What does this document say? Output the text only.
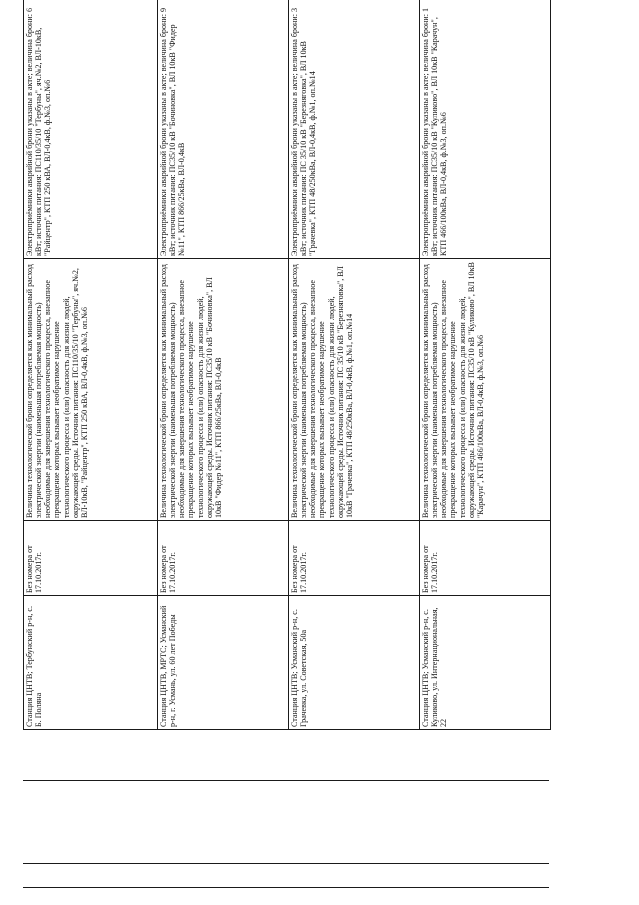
Станция ЦНТВ; Тербунский р-н, с. Б. Поляна	Без номера от 17.10.2017г.	Величина технологической брони определяется как минимальный расход электрической энергии (наименьшая потребляемая мощность) необходимые для завершения технологического процесса, внезапное прекращение которых вызывает необратимое нарушение технологического процесса и (или) опасность для жизни людей, окружающей среды. Источник питания: ПС110/35/10 "Тербуны", яч.№2, ВЛ-10кВ, "Райцентр", КТП 250 кВА, ВЛ-0,4кВ, ф.№3, оп.№6	Электроприёмники аварийной брони указаны в акте; величина брони: 6 кВт; источник питания: ПС110/35/10 "Тербуны", яч.№2, ВЛ-10кВ, "Райцентр", КТП 250 кВА, ВЛ-0,4кВ, ф.№3, оп.№6
Станция ЦНТВ, МРТС; Усманский р-н, г. Усмань, ул. 60 лет Победы	Без номера от 17.10.2017г.	Величина технологической брони определяется как минимальный расход электрической энергии (наименьшая потребляемая мощность) необходимые для завершения технологического процесса, внезапное прекращение которых вызывает необратимое нарушение технологического процесса и (или) опасность для жизни людей, окружающей среды. Источник питания: ПС35/10 кВ "Бочиновка", ВЛ 10кВ "Фидер №11", КТП 866/25кВа, ВЛ-0,4кВ	Электроприёмники аварийной брони указаны в акте; величина брони: 9 кВт; источник питания: ПС35/10 кВ "Бочиновка", ВЛ 10кВ "Фидер №11", КТП 866/25кВа, ВЛ-0,4кВ
Станция ЦНТВ; Усманский р-н, с. Грачевка, ул. Советская, 50а	Без номера от 17.10.2017г.	Величина технологической брони определяется как минимальный расход электрической энергии (наименьшая потребляемая мощность) необходимые для завершения технологического процесса, внезапное прекращение которых вызывает необратимое нарушение технологического процесса и (или) опасность для жизни людей, окружающей среды. Источник питания: ПС 35/10 кВ "Березняговка", ВЛ 10кВ "Грачевка", КТП 48/250кВа, ВЛ-0,4кВ, ф.№1, оп.№14	Электроприёмники аварийной брони указаны в акте; величина брони: 3 кВт; источник питания: ПС 35/10 кВ "Березняговка", ВЛ 10кВ "Грачевка", КТП 48/250кВа, ВЛ-0,4кВ, ф.№1, оп.№14
Станция ЦНТВ; Усманский р-н, с. Куликово, ул. Интернациональная, 22	Без номера от 17.10.2017г.	Величина технологической брони определяется как минимальный расход электрической энергии (наименьшая потребляемая мощность) необходимые для завершения технологического процесса, внезапное прекращение которых вызывает необратимое нарушение технологического процесса и (или) опасность для жизни людей, окружающей среды. Источник питания: ПС35/10 кВ "Куликово", ВЛ 10кВ "Карачун", КТП 466/100кВа, ВЛ-0,4кВ, ф.№3, оп.№6	Электроприёмники аварийной брони указаны в акте; величина брони: 1 кВт; источник питания: ПС35/10 кВ "Куликово", ВЛ 10кВ "Карачун", КТП 466/100кВа, ВЛ-0,4кВ, ф.№3, оп.№6
